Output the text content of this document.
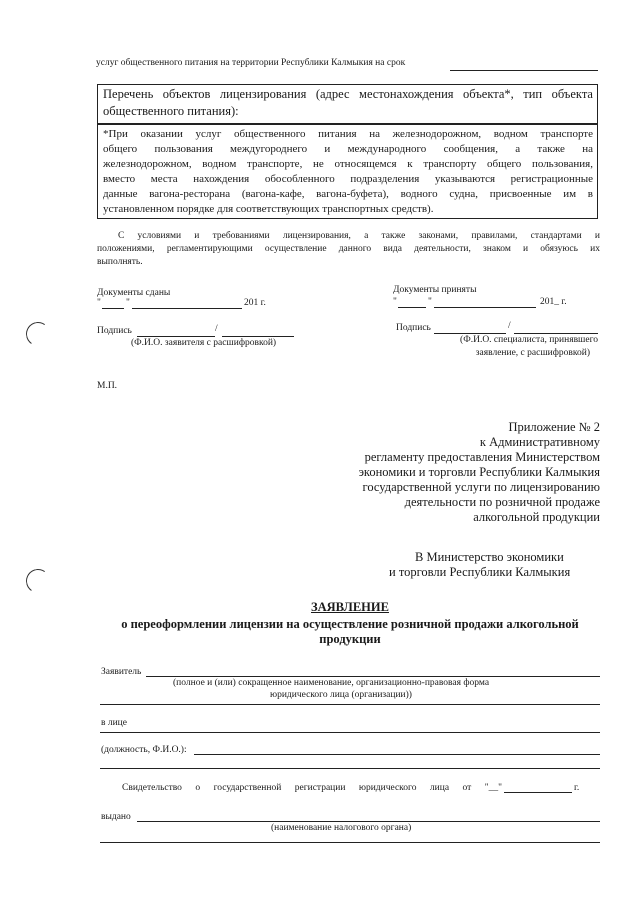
услуг общественного питания на территории Республики Калмыкия на срок
Перечень объектов лицензирования (адрес местонахождения объекта*, тип объекта
общественного питания):
*При оказании услуг общественного питания на железнодорожном, водном транспорте
общего пользования междугороднего и международного сообщения, а также на
железнодорожном, водном транспорте, не относящемся к транспорту общего пользования,
вместо места нахождения обособленного подразделения указываются регистрационные
данные вагона-ресторана (вагона-кафе, вагона-буфета), водного судна, присвоенные им в
установленном порядке для соответствующих транспортных средств).
С условиями и требованиями лицензирования, а также законами, правилами, стандартами и
положениями, регламентирующими осуществление данного вида деятельности, знаком и обязуюсь их
выполнять.
Документы сданы
"	"	201 г.
Документы приняты
"	"	201_ г.
Подпись	/
(Ф.И.О. заявителя с расшифровкой)
Подпись	/
(Ф.И.О. специалиста, принявшего
заявление, с расшифровкой)
М.П.
Приложение № 2
к Административному
регламенту предоставления Министерством
экономики и торговли Республики Калмыкия
государственной услуги по лицензированию
деятельности по розничной продаже
алкогольной продукции
В Министерство экономики
и торговли Республики Калмыкия
ЗАЯВЛЕНИЕ
о переоформлении лицензии на осуществление розничной продажи алкогольной
продукции
Заявитель
(полное и (или) сокращенное наименование, организационно-правовая форма
юридического лица (организации))
в лице
(должность, Ф.И.О.):
Свидетельство о государственной регистрации юридического лица от "__"	г.
выдано
(наименование налогового органа)
